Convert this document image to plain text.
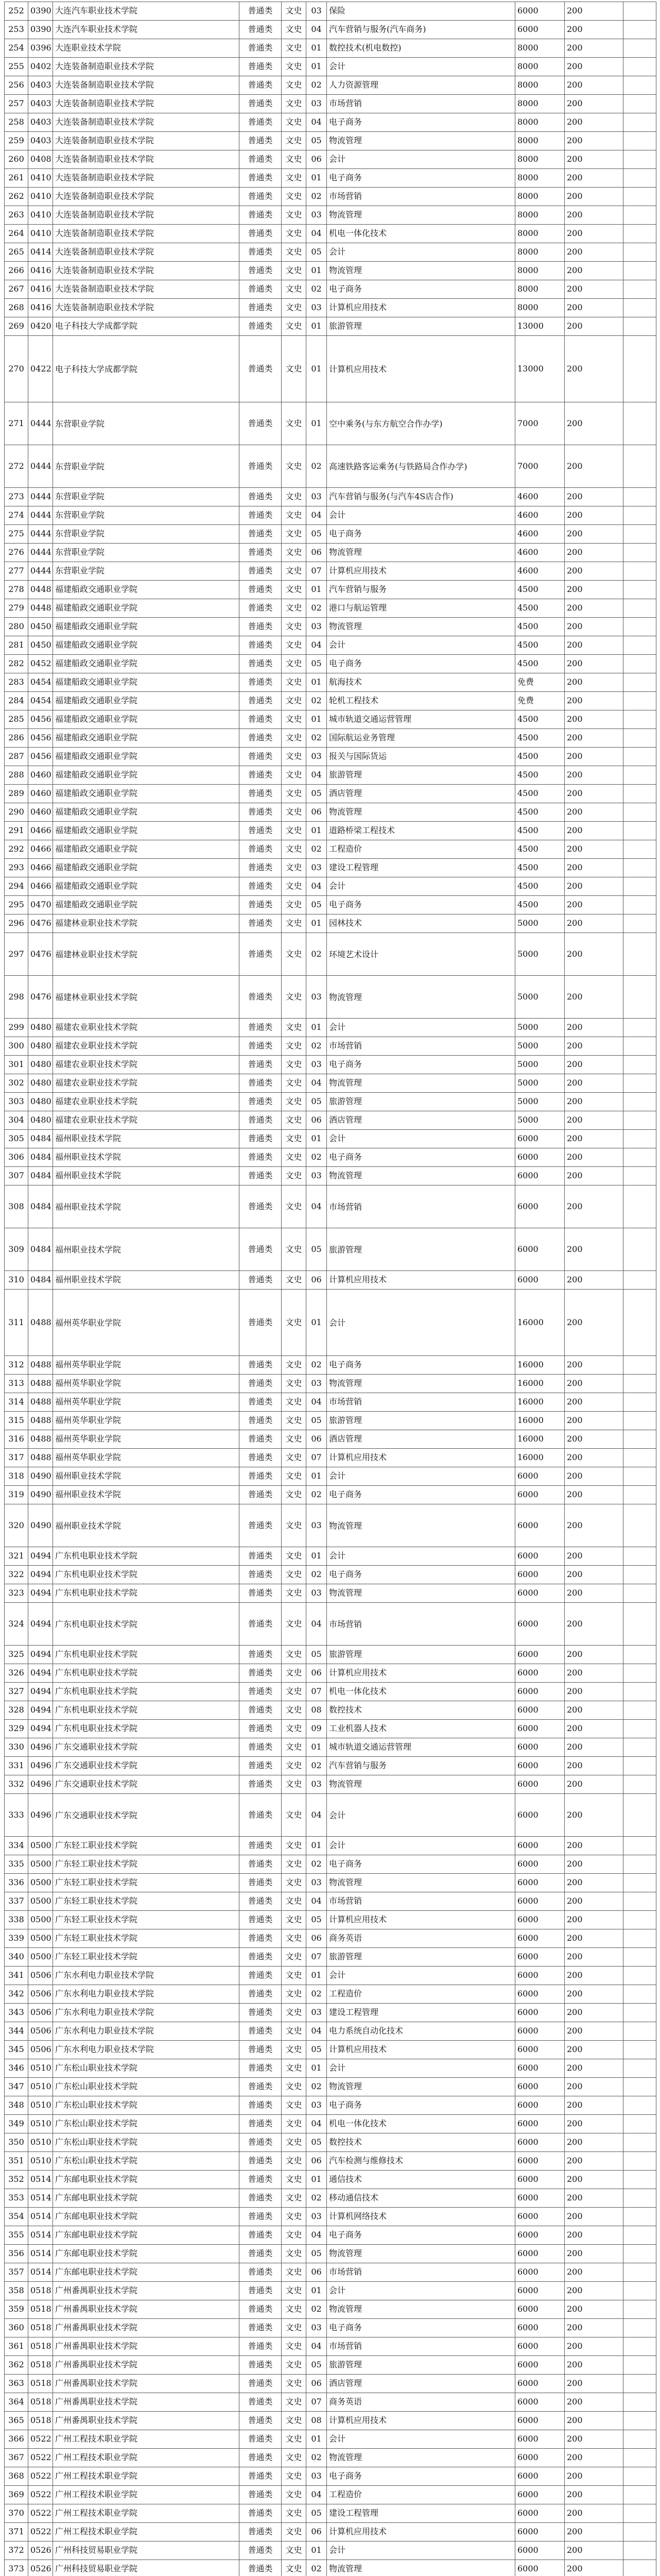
252	0390	大连汽车职业技术学院	普通类	文史	03	保险	6000	200	
253	0390	大连汽车职业技术学院	普通类	文史	04	汽车营销与服务(汽车商务)	6000	200	
254	0396	大连职业技术学院	普通类	文史	01	数控技术(机电数控)	8000	200	
255	0402	大连装备制造职业技术学院	普通类	文史	01	会计	8000	200	
256	0403	大连装备制造职业技术学院	普通类	文史	02	人力资源管理	8000	200	
257	0403	大连装备制造职业技术学院	普通类	文史	03	市场营销	8000	200	
258	0403	大连装备制造职业技术学院	普通类	文史	04	电子商务	8000	200	
259	0403	大连装备制造职业技术学院	普通类	文史	05	物流管理	8000	200	
260	0408	大连装备制造职业技术学院	普通类	文史	06	会计	8000	200	
261	0410	大连装备制造职业技术学院	普通类	文史	01	电子商务	8000	200	
262	0410	大连装备制造职业技术学院	普通类	文史	02	市场营销	8000	200	
263	0410	大连装备制造职业技术学院	普通类	文史	03	物流管理	8000	200	
264	0410	大连装备制造职业技术学院	普通类	文史	04	机电一体化技术	8000	200	
265	0414	大连装备制造职业技术学院	普通类	文史	05	会计	8000	200	
266	0416	大连装备制造职业技术学院	普通类	文史	01	物流管理	8000	200	
267	0416	大连装备制造职业技术学院	普通类	文史	02	电子商务	8000	200	
268	0416	大连装备制造职业技术学院	普通类	文史	03	计算机应用技术	8000	200	
269	0420	电子科技大学成都学院	普通类	文史	01	旅游管理	13000	200	
270	0422	电子科技大学成都学院	普通类	文史	01	计算机应用技术	13000	200	
271	0444	东营职业学院	普通类	文史	01	空中乘务(与东方航空合作办学)	7000	200	
272	0444	东营职业学院	普通类	文史	02	高速铁路客运乘务(与铁路局合作办学)	7000	200	
273	0444	东营职业学院	普通类	文史	03	汽车营销与服务(与汽车4S店合作)	4600	200	
274	0444	东营职业学院	普通类	文史	04	会计	4600	200	
275	0444	东营职业学院	普通类	文史	05	电子商务	4600	200	
276	0444	东营职业学院	普通类	文史	06	物流管理	4600	200	
277	0444	东营职业学院	普通类	文史	07	计算机应用技术	4600	200	
278	0448	福建船政交通职业学院	普通类	文史	01	汽车营销与服务	4500	200	
279	0448	福建船政交通职业学院	普通类	文史	02	港口与航运管理	4500	200	
280	0450	福建船政交通职业学院	普通类	文史	03	物流管理	4500	200	
281	0450	福建船政交通职业学院	普通类	文史	04	会计	4500	200	
282	0452	福建船政交通职业学院	普通类	文史	05	电子商务	4500	200	
283	0454	福建船政交通职业学院	普通类	文史	01	航海技术	免费	200	
284	0454	福建船政交通职业学院	普通类	文史	02	轮机工程技术	免费	200	
285	0456	福建船政交通职业学院	普通类	文史	01	城市轨道交通运营管理	4500	200	
286	0456	福建船政交通职业学院	普通类	文史	02	国际航运业务管理	4500	200	
287	0456	福建船政交通职业学院	普通类	文史	03	报关与国际货运	4500	200	
288	0460	福建船政交通职业学院	普通类	文史	04	旅游管理	4500	200	
289	0460	福建船政交通职业学院	普通类	文史	05	酒店管理	4500	200	
290	0460	福建船政交通职业学院	普通类	文史	06	物流管理	4500	200	
291	0466	福建船政交通职业学院	普通类	文史	01	道路桥梁工程技术	4500	200	
292	0466	福建船政交通职业学院	普通类	文史	02	工程造价	4500	200	
293	0466	福建船政交通职业学院	普通类	文史	03	建设工程管理	4500	200	
294	0466	福建船政交通职业学院	普通类	文史	04	会计	4500	200	
295	0470	福建船政交通职业学院	普通类	文史	05	电子商务	4500	200	
296	0476	福建林业职业技术学院	普通类	文史	01	园林技术	5000	200	
297	0476	福建林业职业技术学院	普通类	文史	02	环境艺术设计	5000	200	
298	0476	福建林业职业技术学院	普通类	文史	03	物流管理	5000	200	
299	0480	福建农业职业技术学院	普通类	文史	01	会计	5000	200	
300	0480	福建农业职业技术学院	普通类	文史	02	市场营销	5000	200	
301	0480	福建农业职业技术学院	普通类	文史	03	电子商务	5000	200	
302	0480	福建农业职业技术学院	普通类	文史	04	物流管理	5000	200	
303	0480	福建农业职业技术学院	普通类	文史	05	旅游管理	5000	200	
304	0480	福建农业职业技术学院	普通类	文史	06	酒店管理	5000	200	
305	0484	福州职业技术学院	普通类	文史	01	会计	6000	200	
306	0484	福州职业技术学院	普通类	文史	02	电子商务	6000	200	
307	0484	福州职业技术学院	普通类	文史	03	物流管理	6000	200	
308	0484	福州职业技术学院	普通类	文史	04	市场营销	6000	200	
309	0484	福州职业技术学院	普通类	文史	05	旅游管理	6000	200	
310	0484	福州职业技术学院	普通类	文史	06	计算机应用技术	6000	200	
311	0488	福州英华职业学院	普通类	文史	01	会计	16000	200	
312	0488	福州英华职业学院	普通类	文史	02	电子商务	16000	200	
313	0488	福州英华职业学院	普通类	文史	03	物流管理	16000	200	
314	0488	福州英华职业学院	普通类	文史	04	市场营销	16000	200	
315	0488	福州英华职业学院	普通类	文史	05	旅游管理	16000	200	
316	0488	福州英华职业学院	普通类	文史	06	酒店管理	16000	200	
317	0488	福州英华职业学院	普通类	文史	07	计算机应用技术	16000	200	
318	0490	福州职业技术学院	普通类	文史	01	会计	6000	200	
319	0490	福州职业技术学院	普通类	文史	02	电子商务	6000	200	
320	0490	福州职业技术学院	普通类	文史	03	物流管理	6000	200	
321	0494	广东机电职业技术学院	普通类	文史	01	会计	6000	200	
322	0494	广东机电职业技术学院	普通类	文史	02	电子商务	6000	200	
323	0494	广东机电职业技术学院	普通类	文史	03	物流管理	6000	200	
324	0494	广东机电职业技术学院	普通类	文史	04	市场营销	6000	200	
325	0494	广东机电职业技术学院	普通类	文史	05	旅游管理	6000	200	
326	0494	广东机电职业技术学院	普通类	文史	06	计算机应用技术	6000	200	
327	0494	广东机电职业技术学院	普通类	文史	07	机电一体化技术	6000	200	
328	0494	广东机电职业技术学院	普通类	文史	08	数控技术	6000	200	
329	0494	广东机电职业技术学院	普通类	文史	09	工业机器人技术	6000	200	
330	0496	广东交通职业技术学院	普通类	文史	01	城市轨道交通运营管理	6000	200	
331	0496	广东交通职业技术学院	普通类	文史	02	汽车营销与服务	6000	200	
332	0496	广东交通职业技术学院	普通类	文史	03	物流管理	6000	200	
333	0496	广东交通职业技术学院	普通类	文史	04	会计	6000	200	
334	0500	广东轻工职业技术学院	普通类	文史	01	会计	6000	200	
335	0500	广东轻工职业技术学院	普通类	文史	02	电子商务	6000	200	
336	0500	广东轻工职业技术学院	普通类	文史	03	物流管理	6000	200	
337	0500	广东轻工职业技术学院	普通类	文史	04	市场营销	6000	200	
338	0500	广东轻工职业技术学院	普通类	文史	05	计算机应用技术	6000	200	
339	0500	广东轻工职业技术学院	普通类	文史	06	商务英语	6000	200	
340	0500	广东轻工职业技术学院	普通类	文史	07	旅游管理	6000	200	
341	0506	广东水利电力职业技术学院	普通类	文史	01	会计	6000	200	
342	0506	广东水利电力职业技术学院	普通类	文史	02	工程造价	6000	200	
343	0506	广东水利电力职业技术学院	普通类	文史	03	建设工程管理	6000	200	
344	0506	广东水利电力职业技术学院	普通类	文史	04	电力系统自动化技术	6000	200	
345	0506	广东水利电力职业技术学院	普通类	文史	05	计算机应用技术	6000	200	
346	0510	广东松山职业技术学院	普通类	文史	01	会计	6000	200	
347	0510	广东松山职业技术学院	普通类	文史	02	物流管理	6000	200	
348	0510	广东松山职业技术学院	普通类	文史	03	电子商务	6000	200	
349	0510	广东松山职业技术学院	普通类	文史	04	机电一体化技术	6000	200	
350	0510	广东松山职业技术学院	普通类	文史	05	数控技术	6000	200	
351	0510	广东松山职业技术学院	普通类	文史	06	汽车检测与维修技术	6000	200	
352	0514	广东邮电职业技术学院	普通类	文史	01	通信技术	6000	200	
353	0514	广东邮电职业技术学院	普通类	文史	02	移动通信技术	6000	200	
354	0514	广东邮电职业技术学院	普通类	文史	03	计算机网络技术	6000	200	
355	0514	广东邮电职业技术学院	普通类	文史	04	电子商务	6000	200	
356	0514	广东邮电职业技术学院	普通类	文史	05	物流管理	6000	200	
357	0514	广东邮电职业技术学院	普通类	文史	06	市场营销	6000	200	
358	0518	广州番禺职业技术学院	普通类	文史	01	会计	6000	200	
359	0518	广州番禺职业技术学院	普通类	文史	02	物流管理	6000	200	
360	0518	广州番禺职业技术学院	普通类	文史	03	电子商务	6000	200	
361	0518	广州番禺职业技术学院	普通类	文史	04	市场营销	6000	200	
362	0518	广州番禺职业技术学院	普通类	文史	05	旅游管理	6000	200	
363	0518	广州番禺职业技术学院	普通类	文史	06	酒店管理	6000	200	
364	0518	广州番禺职业技术学院	普通类	文史	07	商务英语	6000	200	
365	0518	广州番禺职业技术学院	普通类	文史	08	计算机应用技术	6000	200	
366	0522	广州工程技术职业学院	普通类	文史	01	会计	6000	200	
367	0522	广州工程技术职业学院	普通类	文史	02	物流管理	6000	200	
368	0522	广州工程技术职业学院	普通类	文史	03	电子商务	6000	200	
369	0522	广州工程技术职业学院	普通类	文史	04	工程造价	6000	200	
370	0522	广州工程技术职业学院	普通类	文史	05	建设工程管理	6000	200	
371	0522	广州工程技术职业学院	普通类	文史	06	计算机应用技术	6000	200	
372	0526	广州科技贸易职业学院	普通类	文史	01	会计	6000	200	
373	0526	广州科技贸易职业学院	普通类	文史	02	物流管理	6000	200	
